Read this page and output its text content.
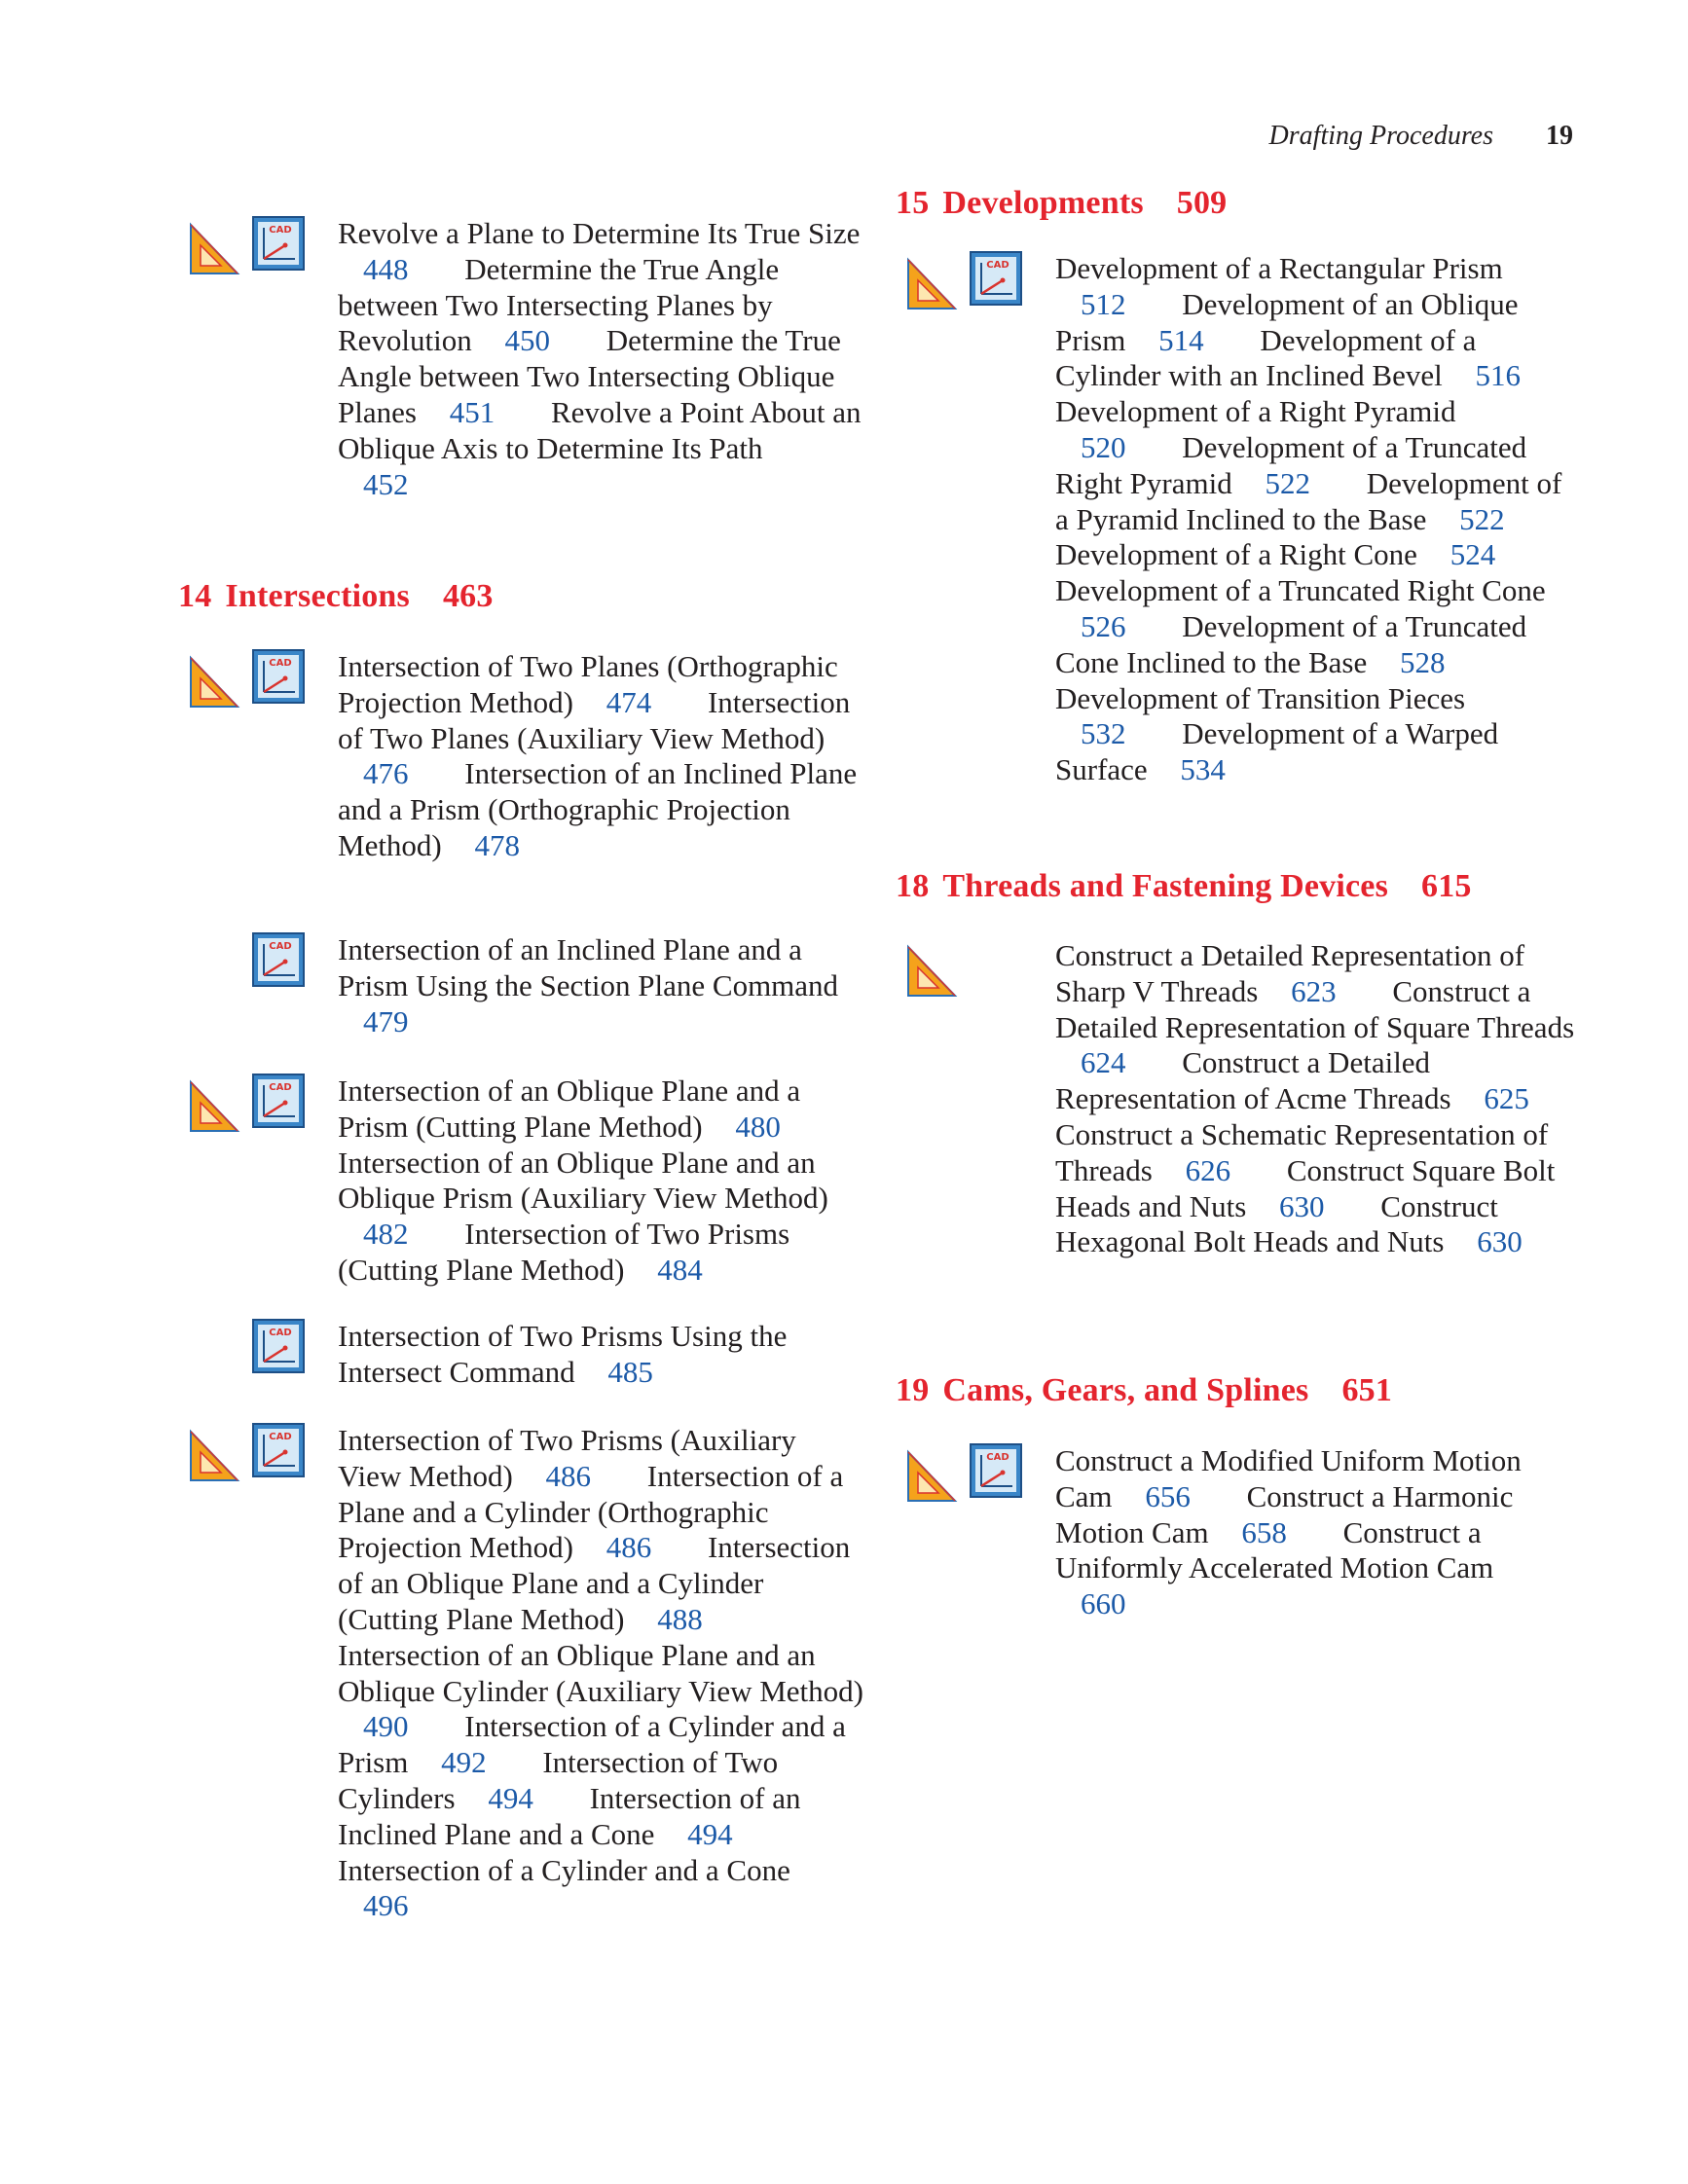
Drafting Procedures 19
CAD Revolve a Plane to Determine Its True Size 448 Determine the True Angle between Two Intersecting Planes by Revolution 450 Determine the True Angle between Two Intersecting Oblique Planes 451 Revolve a Point About an Oblique Axis to Determine Its Path 452
14 Intersections 463
CAD Intersection of Two Planes (Orthographic Projection Method) 474 Intersection of Two Planes (Auxiliary View Method) 476 Intersection of an Inclined Plane and a Prism (Orthographic Projection Method) 478
CAD Intersection of an Inclined Plane and a Prism Using the Section Plane Command 479
CAD Intersection of an Oblique Plane and a Prism (Cutting Plane Method) 480 Intersection of an Oblique Plane and an Oblique Prism (Auxiliary View Method) 482 Intersection of Two Prisms (Cutting Plane Method) 484
CAD Intersection of Two Prisms Using the Intersect Command 485
CAD Intersection of Two Prisms (Auxiliary View Method) 486 Intersection of a Plane and a Cylinder (Orthographic Projection Method) 486 Intersection of an Oblique Plane and a Cylinder (Cutting Plane Method) 488 Intersection of an Oblique Plane and an Oblique Cylinder (Auxiliary View Method) 490 Intersection of a Cylinder and a Prism 492 Intersection of Two Cylinders 494 Intersection of an Inclined Plane and a Cone 494 Intersection of a Cylinder and a Cone 496
15 Developments 509
CAD Development of a Rectangular Prism 512 Development of an Oblique Prism 514 Development of a Cylinder with an Inclined Bevel 516 Development of a Right Pyramid 520 Development of a Truncated Right Pyramid 522 Development of a Pyramid Inclined to the Base 522 Development of a Right Cone 524 Development of a Truncated Right Cone 526 Development of a Truncated Cone Inclined to the Base 528 Development of Transition Pieces 532 Development of a Warped Surface 534
18 Threads and Fastening Devices 615
Construct a Detailed Representation of Sharp V Threads 623 Construct a Detailed Representation of Square Threads 624 Construct a Detailed Representation of Acme Threads 625 Construct a Schematic Representation of Threads 626 Construct Square Bolt Heads and Nuts 630 Construct Hexagonal Bolt Heads and Nuts 630
19 Cams, Gears, and Splines 651
CAD Construct a Modified Uniform Motion Cam 656 Construct a Harmonic Motion Cam 658 Construct a Uniformly Accelerated Motion Cam 660
